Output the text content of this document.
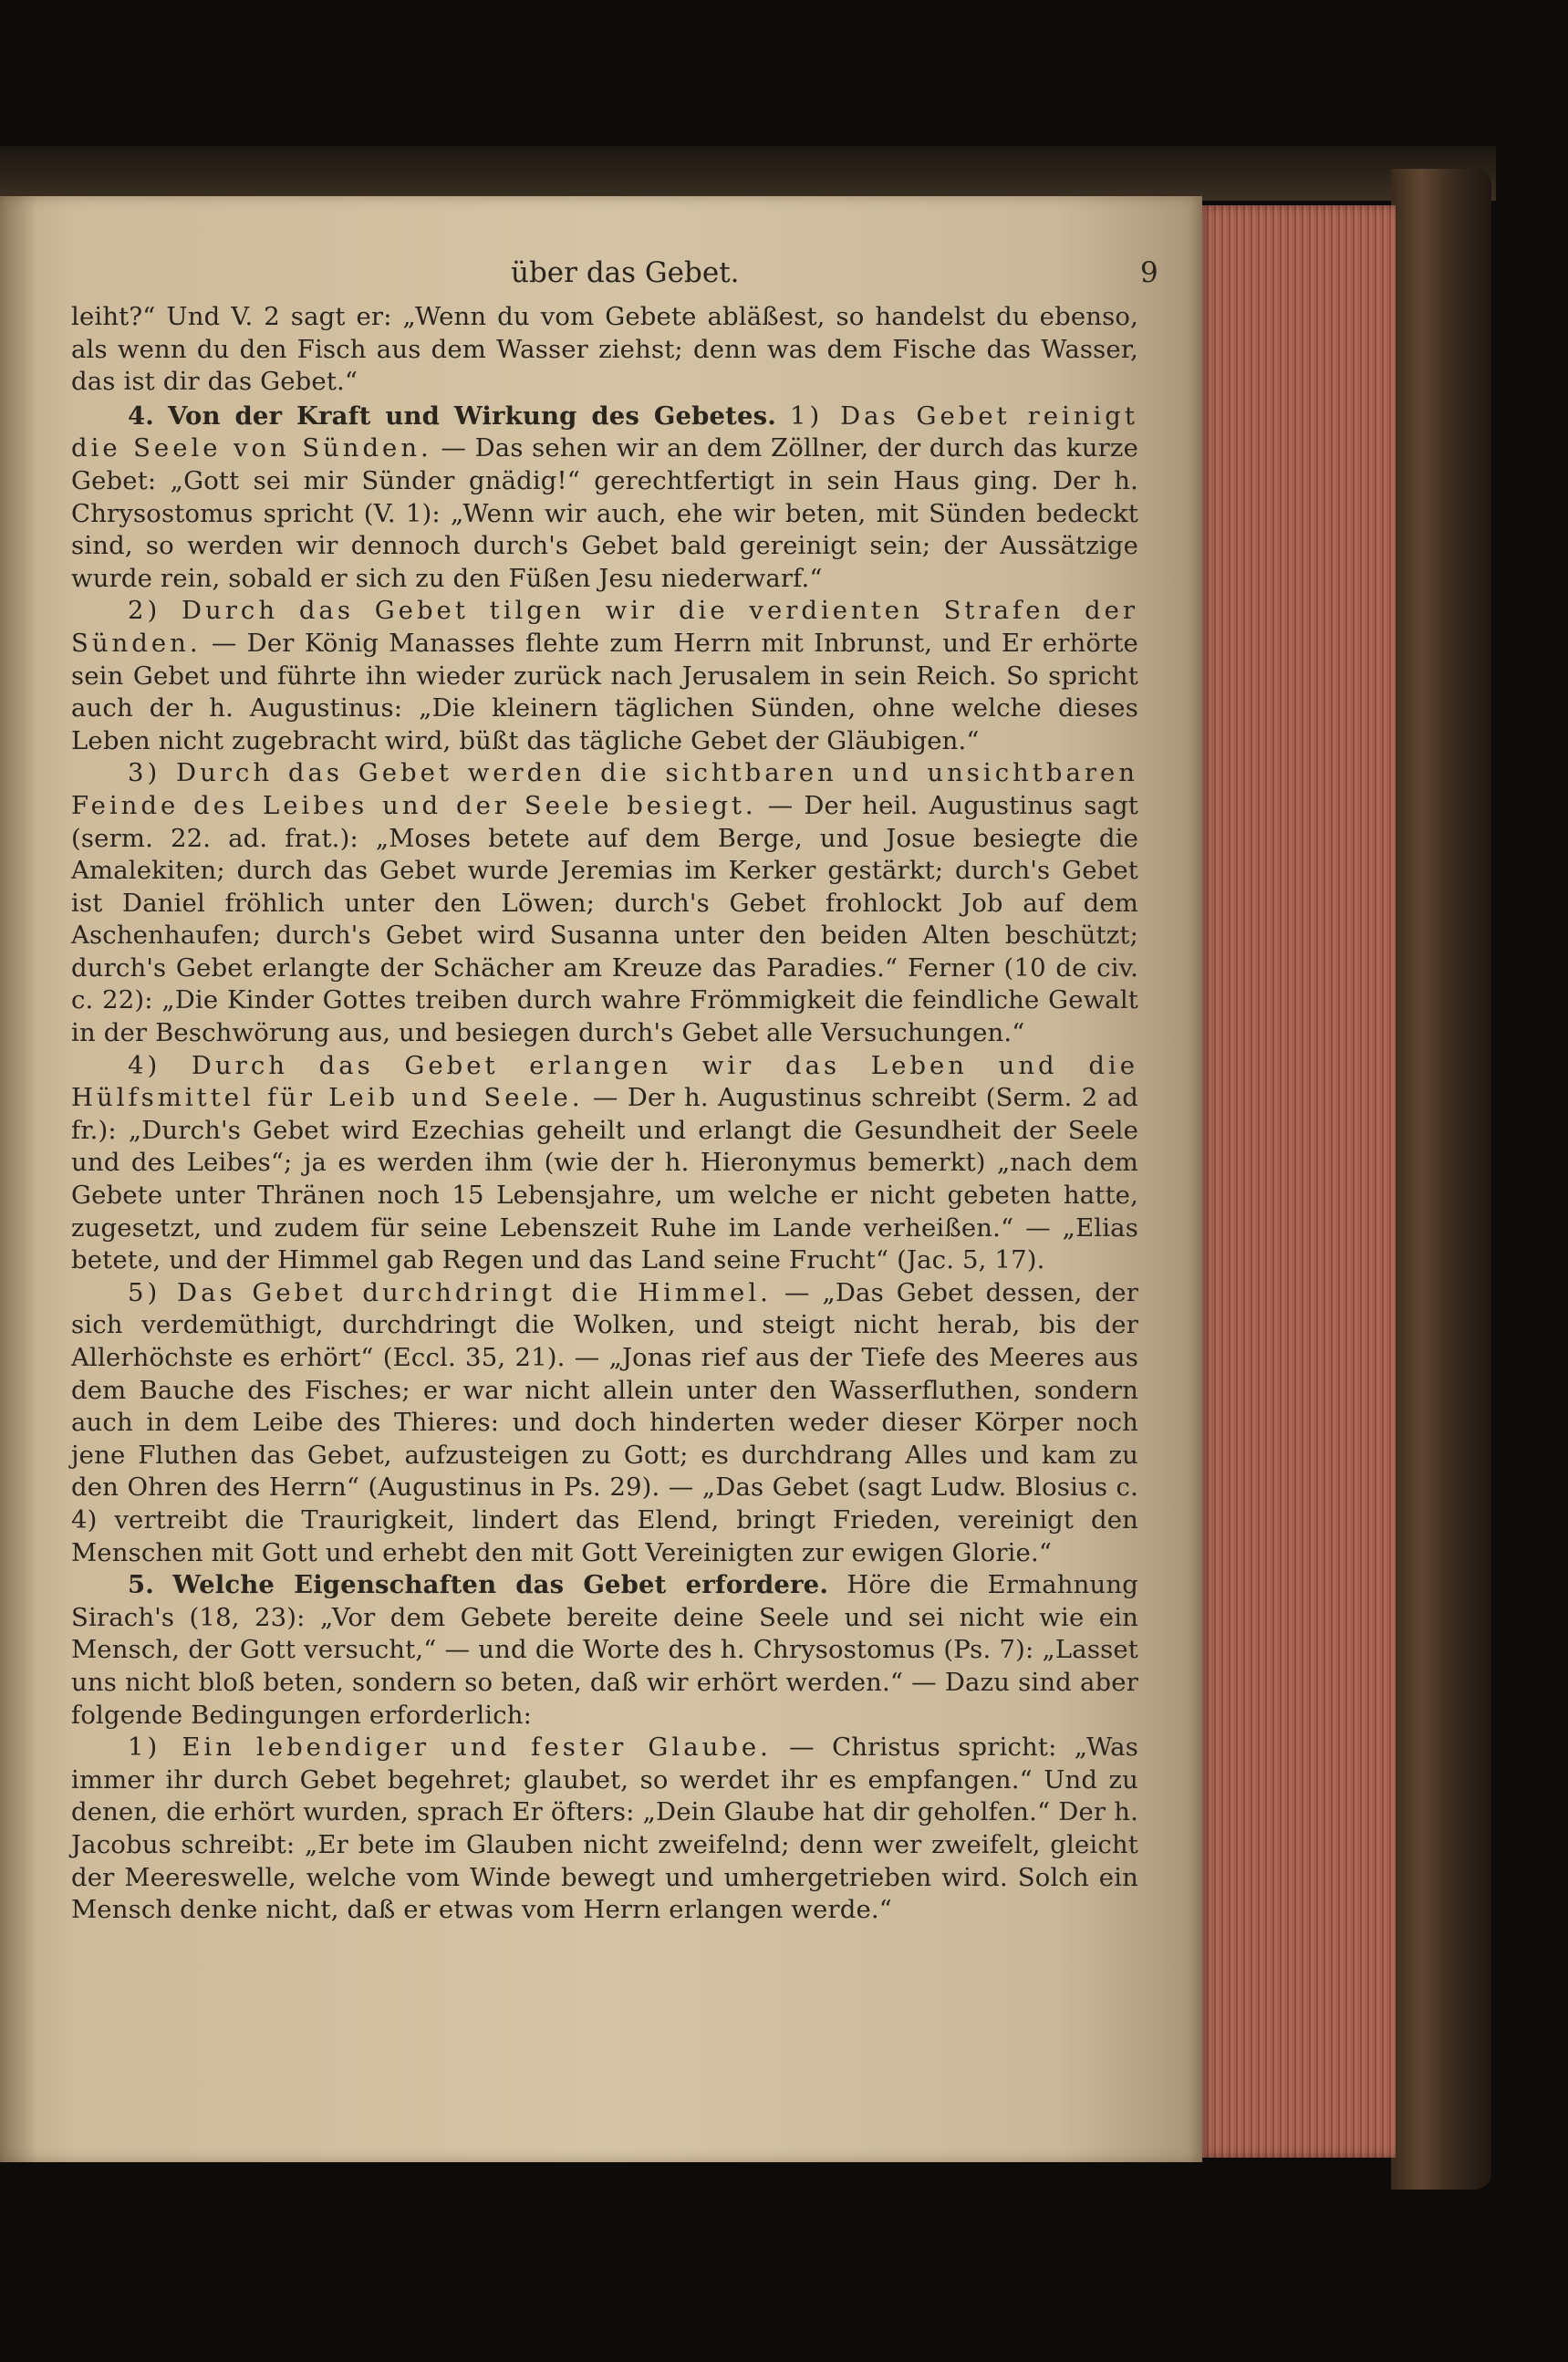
über das Gebet.	9

leiht?“ Und V. 2 sagt er: „Wenn du vom Gebete abläßest, so handelst du ebenso, als wenn du den Fisch aus dem Wasser ziehst; denn was dem Fische das Wasser, das ist dir das Gebet.“

4. Von der Kraft und Wirkung des Gebetes. 1) Das Gebet reinigt die Seele von Sünden. — Das sehen wir an dem Zöllner, der durch das kurze Gebet: „Gott sei mir Sünder gnädig!“ gerechtfertigt in sein Haus ging. Der h. Chrysostomus spricht (V. 1): „Wenn wir auch, ehe wir beten, mit Sünden bedeckt sind, so werden wir dennoch durch's Gebet bald gereinigt sein; der Aussätzige wurde rein, sobald er sich zu den Füßen Jesu niederwarf.“

2) Durch das Gebet tilgen wir die verdienten Strafen der Sünden. — Der König Manasses flehte zum Herrn mit Inbrunst, und Er erhörte sein Gebet und führte ihn wieder zurück nach Jerusalem in sein Reich. So spricht auch der h. Augustinus: „Die kleinern täglichen Sünden, ohne welche dieses Leben nicht zugebracht wird, büßt das tägliche Gebet der Gläubigen.“

3) Durch das Gebet werden die sichtbaren und unsichtbaren Feinde des Leibes und der Seele besiegt. — Der heil. Augustinus sagt (serm. 22. ad. frat.): „Moses betete auf dem Berge, und Josue besiegte die Amalekiten; durch das Gebet wurde Jeremias im Kerker gestärkt; durch's Gebet ist Daniel fröhlich unter den Löwen; durch's Gebet frohlockt Job auf dem Aschenhaufen; durch's Gebet wird Susanna unter den beiden Alten beschützt; durch's Gebet erlangte der Schächer am Kreuze das Paradies.“ Ferner (10 de civ. c. 22): „Die Kinder Gottes treiben durch wahre Frömmigkeit die feindliche Gewalt in der Beschwörung aus, und besiegen durch's Gebet alle Versuchungen.“

4) Durch das Gebet erlangen wir das Leben und die Hülfsmittel für Leib und Seele. — Der h. Augustinus schreibt (Serm. 2 ad fr.): „Durch's Gebet wird Ezechias geheilt und erlangt die Gesundheit der Seele und des Leibes“; ja es werden ihm (wie der h. Hieronymus bemerkt) „nach dem Gebete unter Thränen noch 15 Lebensjahre, um welche er nicht gebeten hatte, zugesetzt, und zudem für seine Lebenszeit Ruhe im Lande verheißen.“ — „Elias betete, und der Himmel gab Regen und das Land seine Frucht“ (Jac. 5, 17).

5) Das Gebet durchdringt die Himmel. — „Das Gebet dessen, der sich verdemüthigt, durchdringt die Wolken, und steigt nicht herab, bis der Allerhöchste es erhört“ (Eccl. 35, 21). — „Jonas rief aus der Tiefe des Meeres aus dem Bauche des Fisches; er war nicht allein unter den Wasserfluthen, sondern auch in dem Leibe des Thieres: und doch hinderten weder dieser Körper noch jene Fluthen das Gebet, aufzusteigen zu Gott; es durchdrang Alles und kam zu den Ohren des Herrn“ (Augustinus in Ps. 29). — „Das Gebet (sagt Ludw. Blosius c. 4) vertreibt die Traurigkeit, lindert das Elend, bringt Frieden, vereinigt den Menschen mit Gott und erhebt den mit Gott Vereinigten zur ewigen Glorie.“

5. Welche Eigenschaften das Gebet erfordere. Höre die Ermahnung Sirach's (18, 23): „Vor dem Gebete bereite deine Seele und sei nicht wie ein Mensch, der Gott versucht,“ — und die Worte des h. Chrysostomus (Ps. 7): „Lasset uns nicht bloß beten, sondern so beten, daß wir erhört werden.“ — Dazu sind aber folgende Bedingungen erforderlich:

1) Ein lebendiger und fester Glaube. — Christus spricht: „Was immer ihr durch Gebet begehret; glaubet, so werdet ihr es empfangen.“ Und zu denen, die erhört wurden, sprach Er öfters: „Dein Glaube hat dir geholfen.“ Der h. Jacobus schreibt: „Er bete im Glauben nicht zweifelnd; denn wer zweifelt, gleicht der Meereswelle, welche vom Winde bewegt und umhergetrieben wird. Solch ein Mensch denke nicht, daß er etwas vom Herrn erlangen werde.“
